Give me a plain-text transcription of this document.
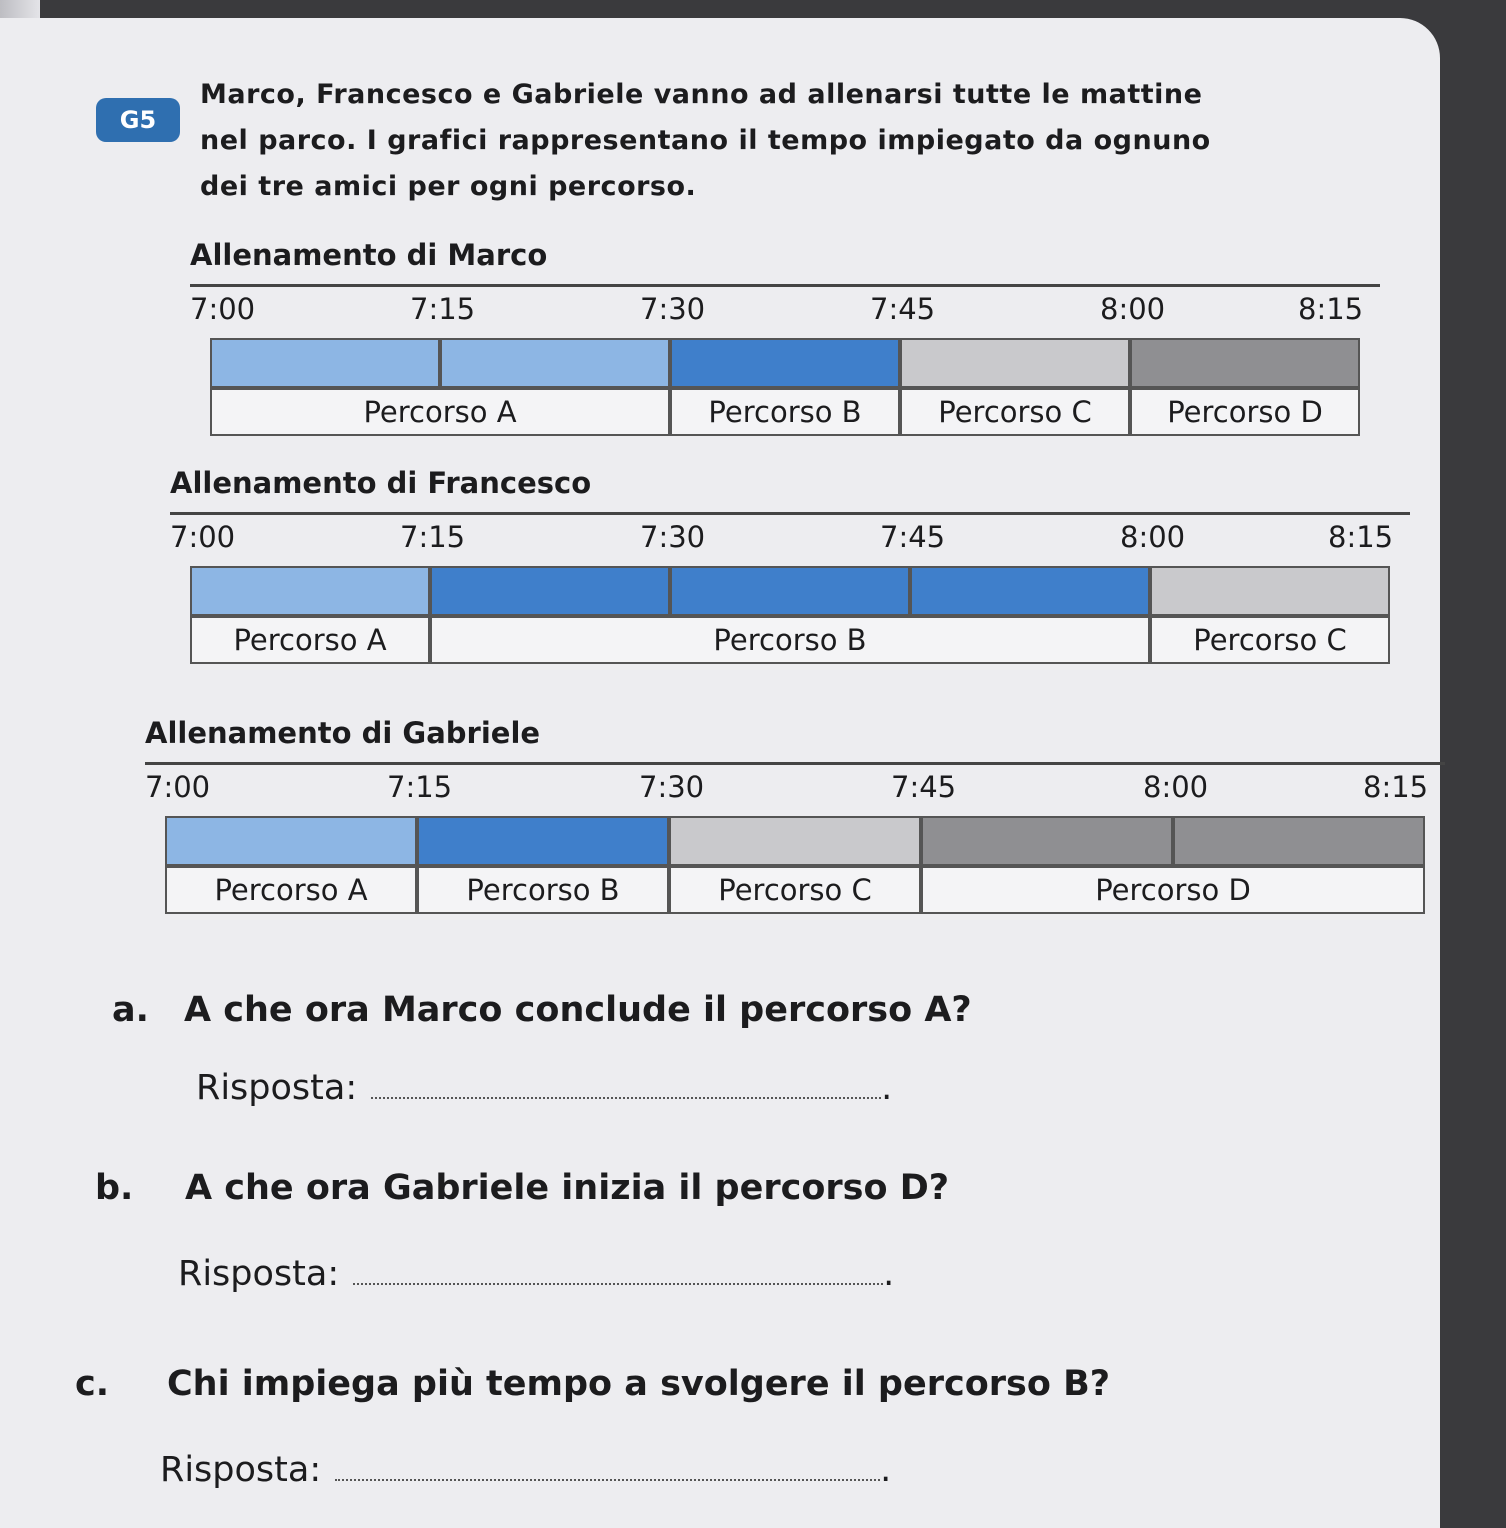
G5
Marco, Francesco e Gabriele vanno ad allenarsi tutte le mattine
nel parco. I grafici rappresentano il tempo impiegato da ognuno
dei tre amici per ogni percorso.
Allenamento di Marco
7:00	7:15	7:30	7:45	8:00	8:15
Percorso A	Percorso B	Percorso C	Percorso D
Allenamento di Francesco
7:00	7:15	7:30	7:45	8:00	8:15
Percorso A	Percorso B	Percorso C
Allenamento di Gabriele
7:00	7:15	7:30	7:45	8:00	8:15
Percorso A	Percorso B	Percorso C	Percorso D
a. A che ora Marco conclude il percorso A?
Risposta:	.
b. A che ora Gabriele inizia il percorso D?
Risposta:	.
c. Chi impiega più tempo a svolgere il percorso B?
Risposta:	.
